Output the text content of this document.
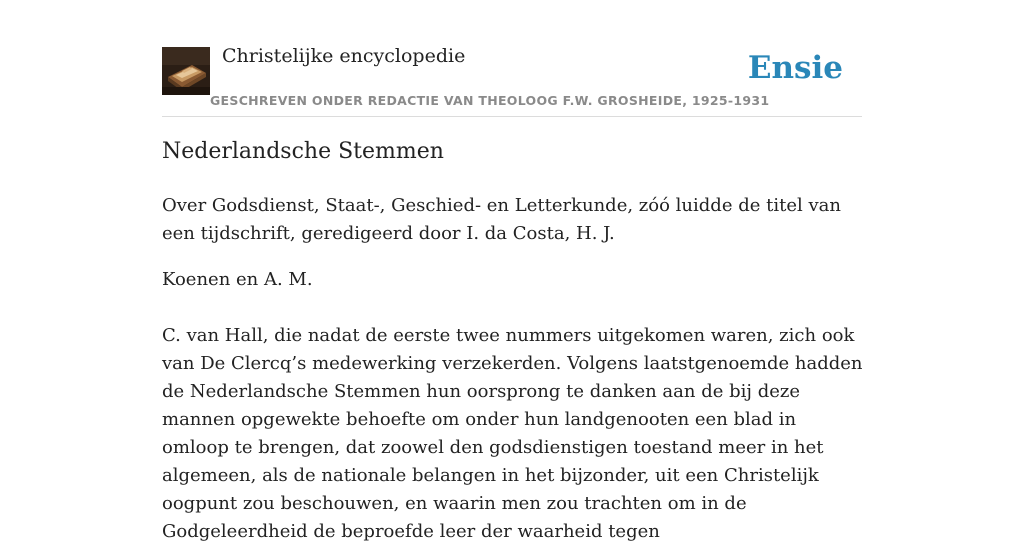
Christelijke encyclopedie
GESCHREVEN ONDER REDACTIE VAN THEOLOOG F.W. GROSHEIDE, 1925-1931
Ensie
Nederlandsche Stemmen

Over Godsdienst, Staat-, Geschied- en Letterkunde, zóó luidde de titel van een tijdschrift, geredigeerd door I. da Costa, H. J.

Koenen en A. M.

C. van Hall, die nadat de eerste twee nummers uitgekomen waren, zich ook van De Clercq’s medewerking verzekerden. Volgens laatstgenoemde hadden de Nederlandsche Stemmen hun oorsprong te danken aan de bij deze mannen opgewekte behoefte om onder hun landgenooten een blad in omloop te brengen, dat zoowel den godsdienstigen toestand meer in het algemeen, als de nationale belangen in het bijzonder, uit een Christelijk oogpunt zou beschouwen, en waarin men zou trachten om in de Godgeleerdheid de beproefde leer der waarheid tegen
